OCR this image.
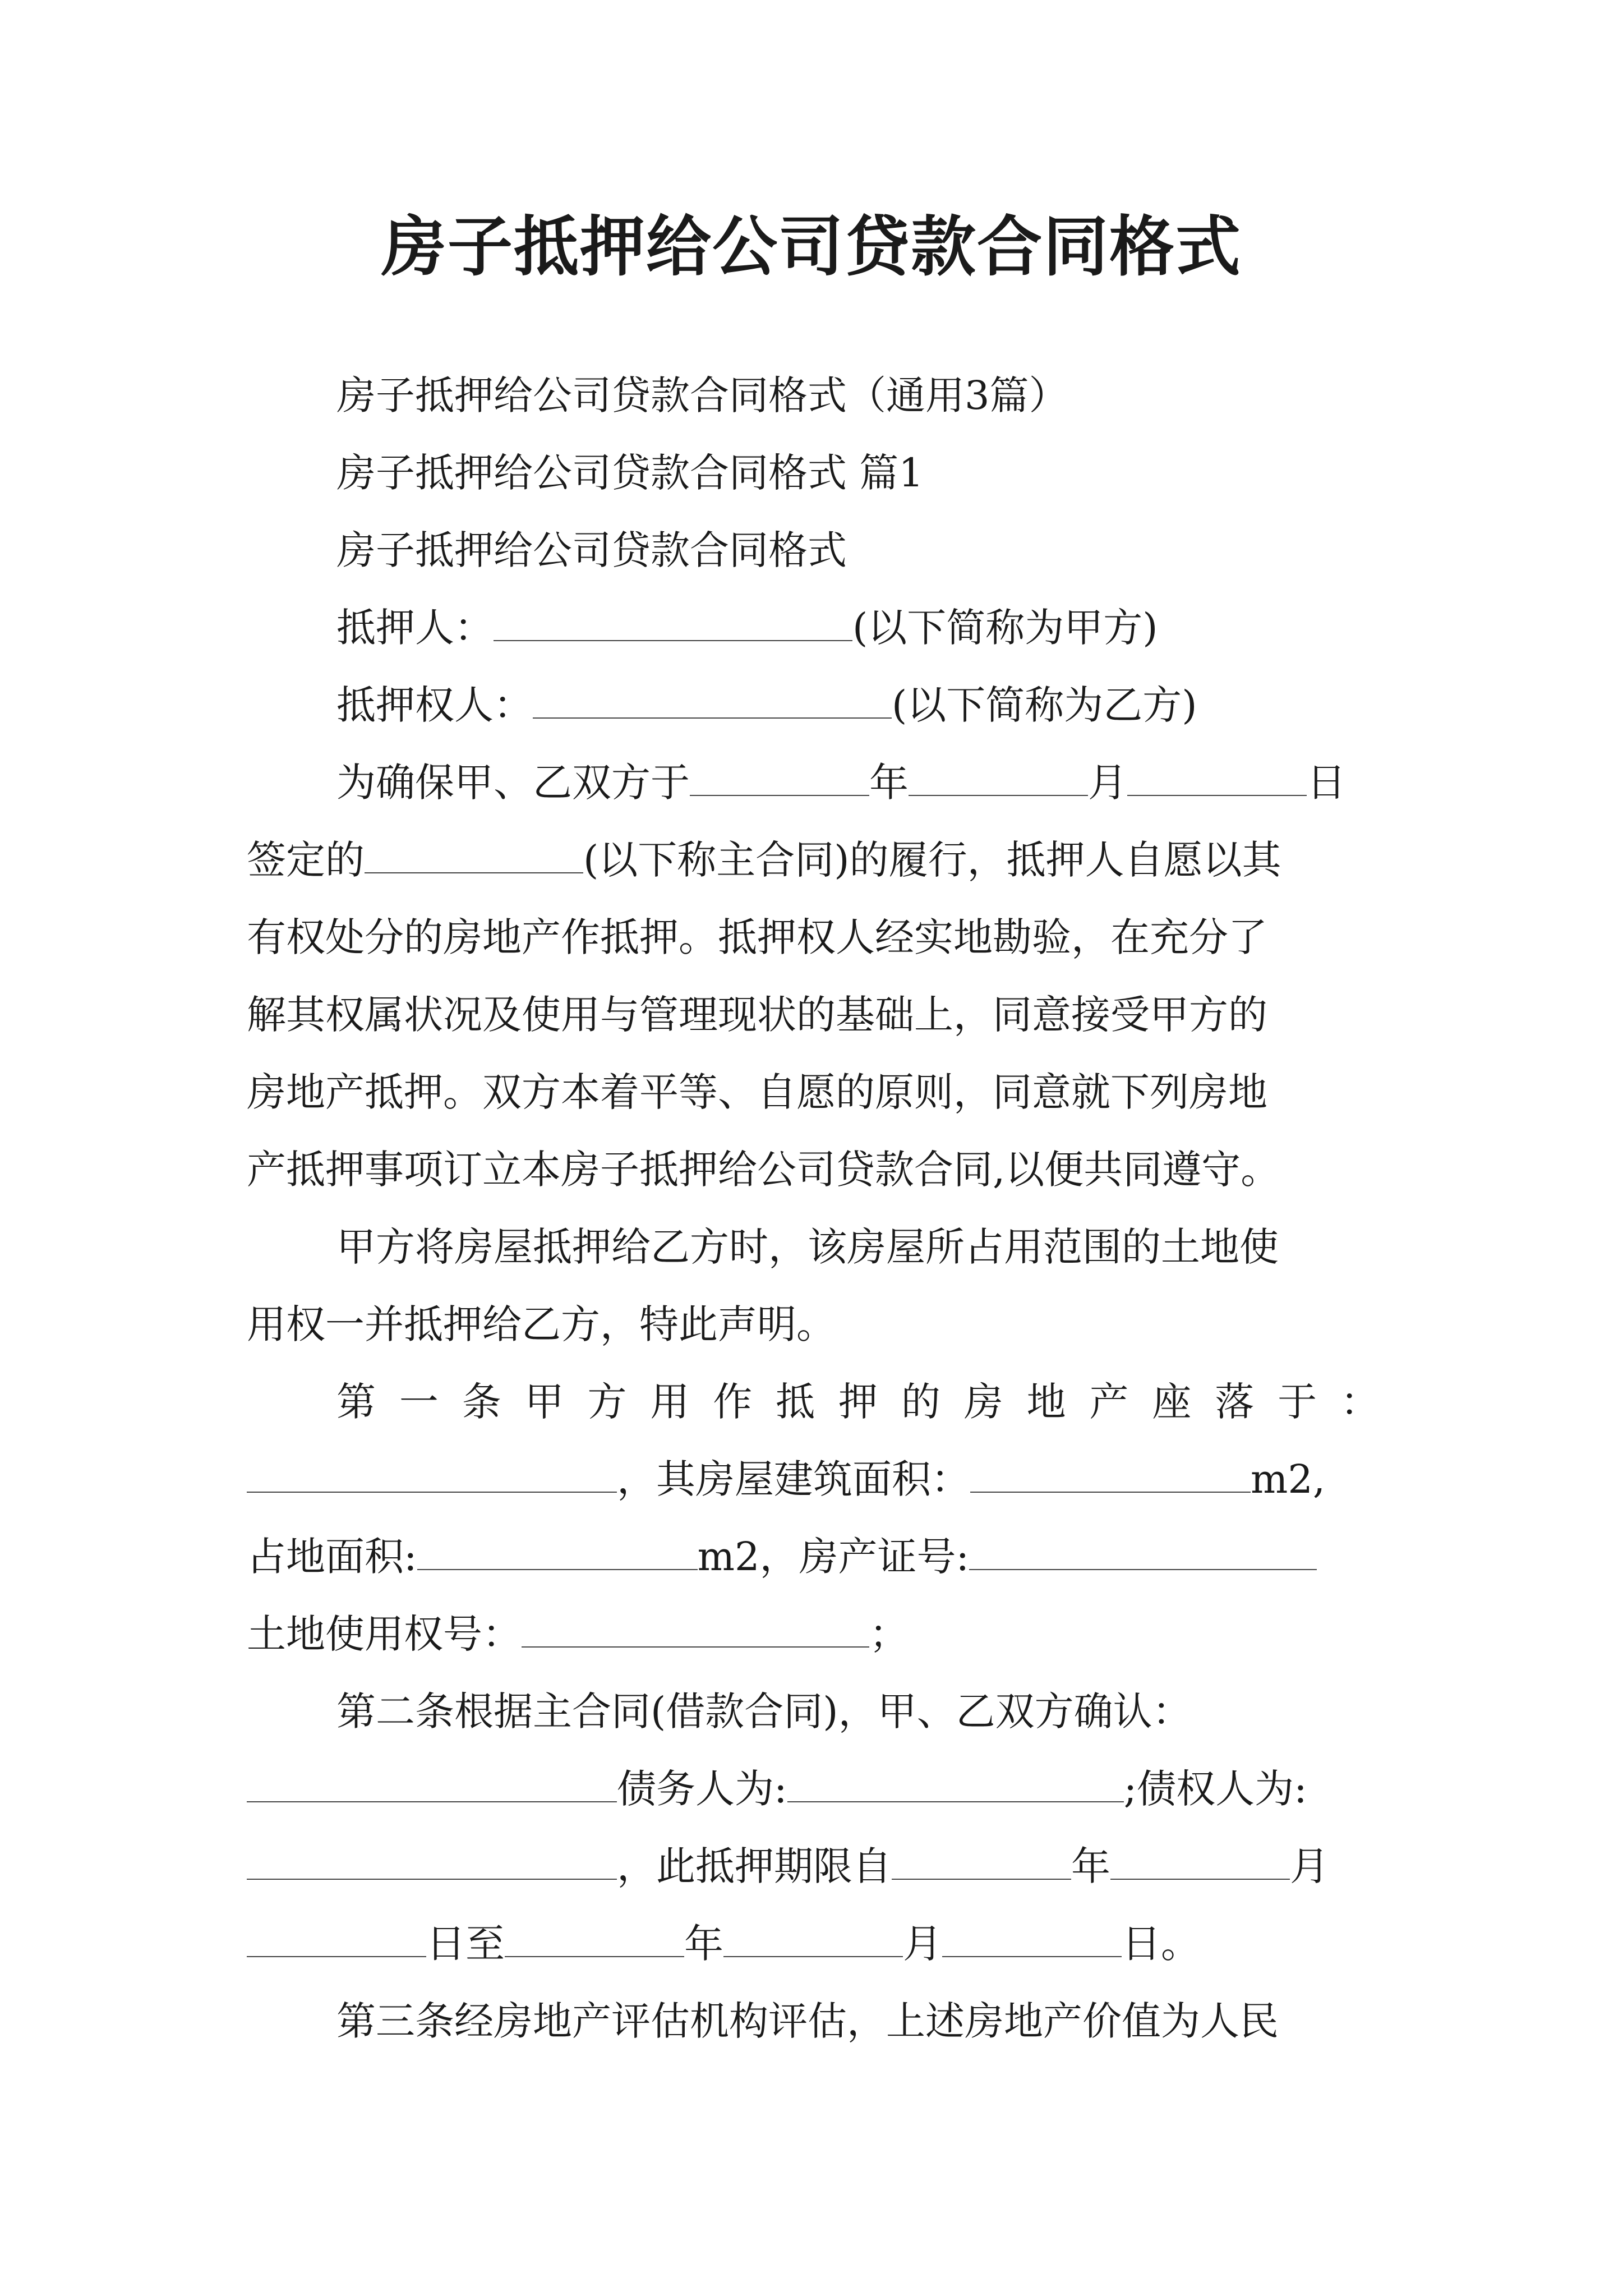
房子抵押给公司贷款合同格式
房子抵押给公司贷款合同格式（通用3篇）
房子抵押给公司贷款合同格式 篇1
房子抵押给公司贷款合同格式
抵押人：	(以下简称为甲方)
抵押权人：	(以下简称为乙方)
为确保甲、乙双方于	年	月	日
签定的	(以下称主合同)的履行，抵押人自愿以其
有权处分的房地产作抵押。抵押权人经实地勘验，在充分了
解其权属状况及使用与管理现状的基础上，同意接受甲方的
房地产抵押。双方本着平等、自愿的原则，同意就下列房地
产抵押事项订立本房子抵押给公司贷款合同,以便共同遵守。
甲方将房屋抵押给乙方时，该房屋所占用范围的土地使
用权一并抵押给乙方，特此声明。
第一条甲方用作抵押的房地产座落于：
，其房屋建筑面积：	m2,
占地面积:	m2，房产证号:
土地使用权号：	；
第二条根据主合同(借款合同)，甲、乙双方确认：
债务人为:	;债权人为:
，此抵押期限自	年	月
日至	年	月	日。
第三条经房地产评估机构评估，上述房地产价值为人民
